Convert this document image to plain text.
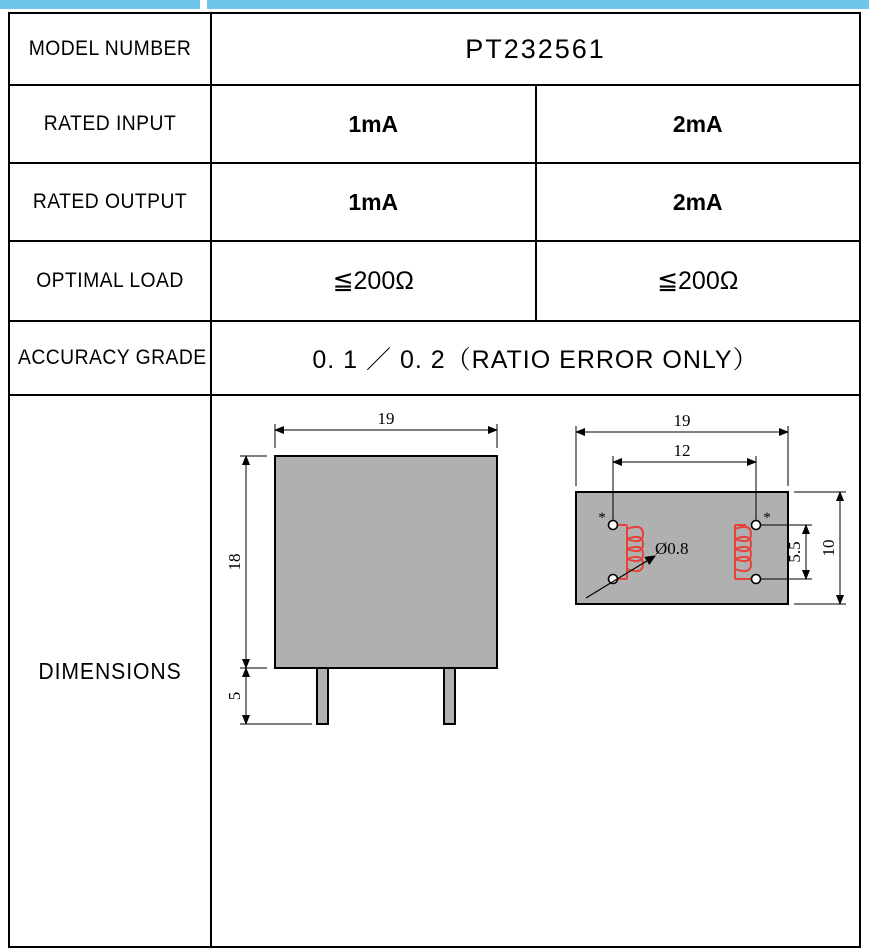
MODEL NUMBER	PT232561	

RATED INPUT	1mA	2mA

RATED OUTPUT	1mA	2mA

OPTIMAL LOAD	≦200Ω	≦200Ω

ACCURACY GRADE	0. 1 ／ 0. 2（RATIO ERROR ONLY）	
DIMENSIONS	
19
18
5
*	*
Ø0.8
19
12
5.5 10
